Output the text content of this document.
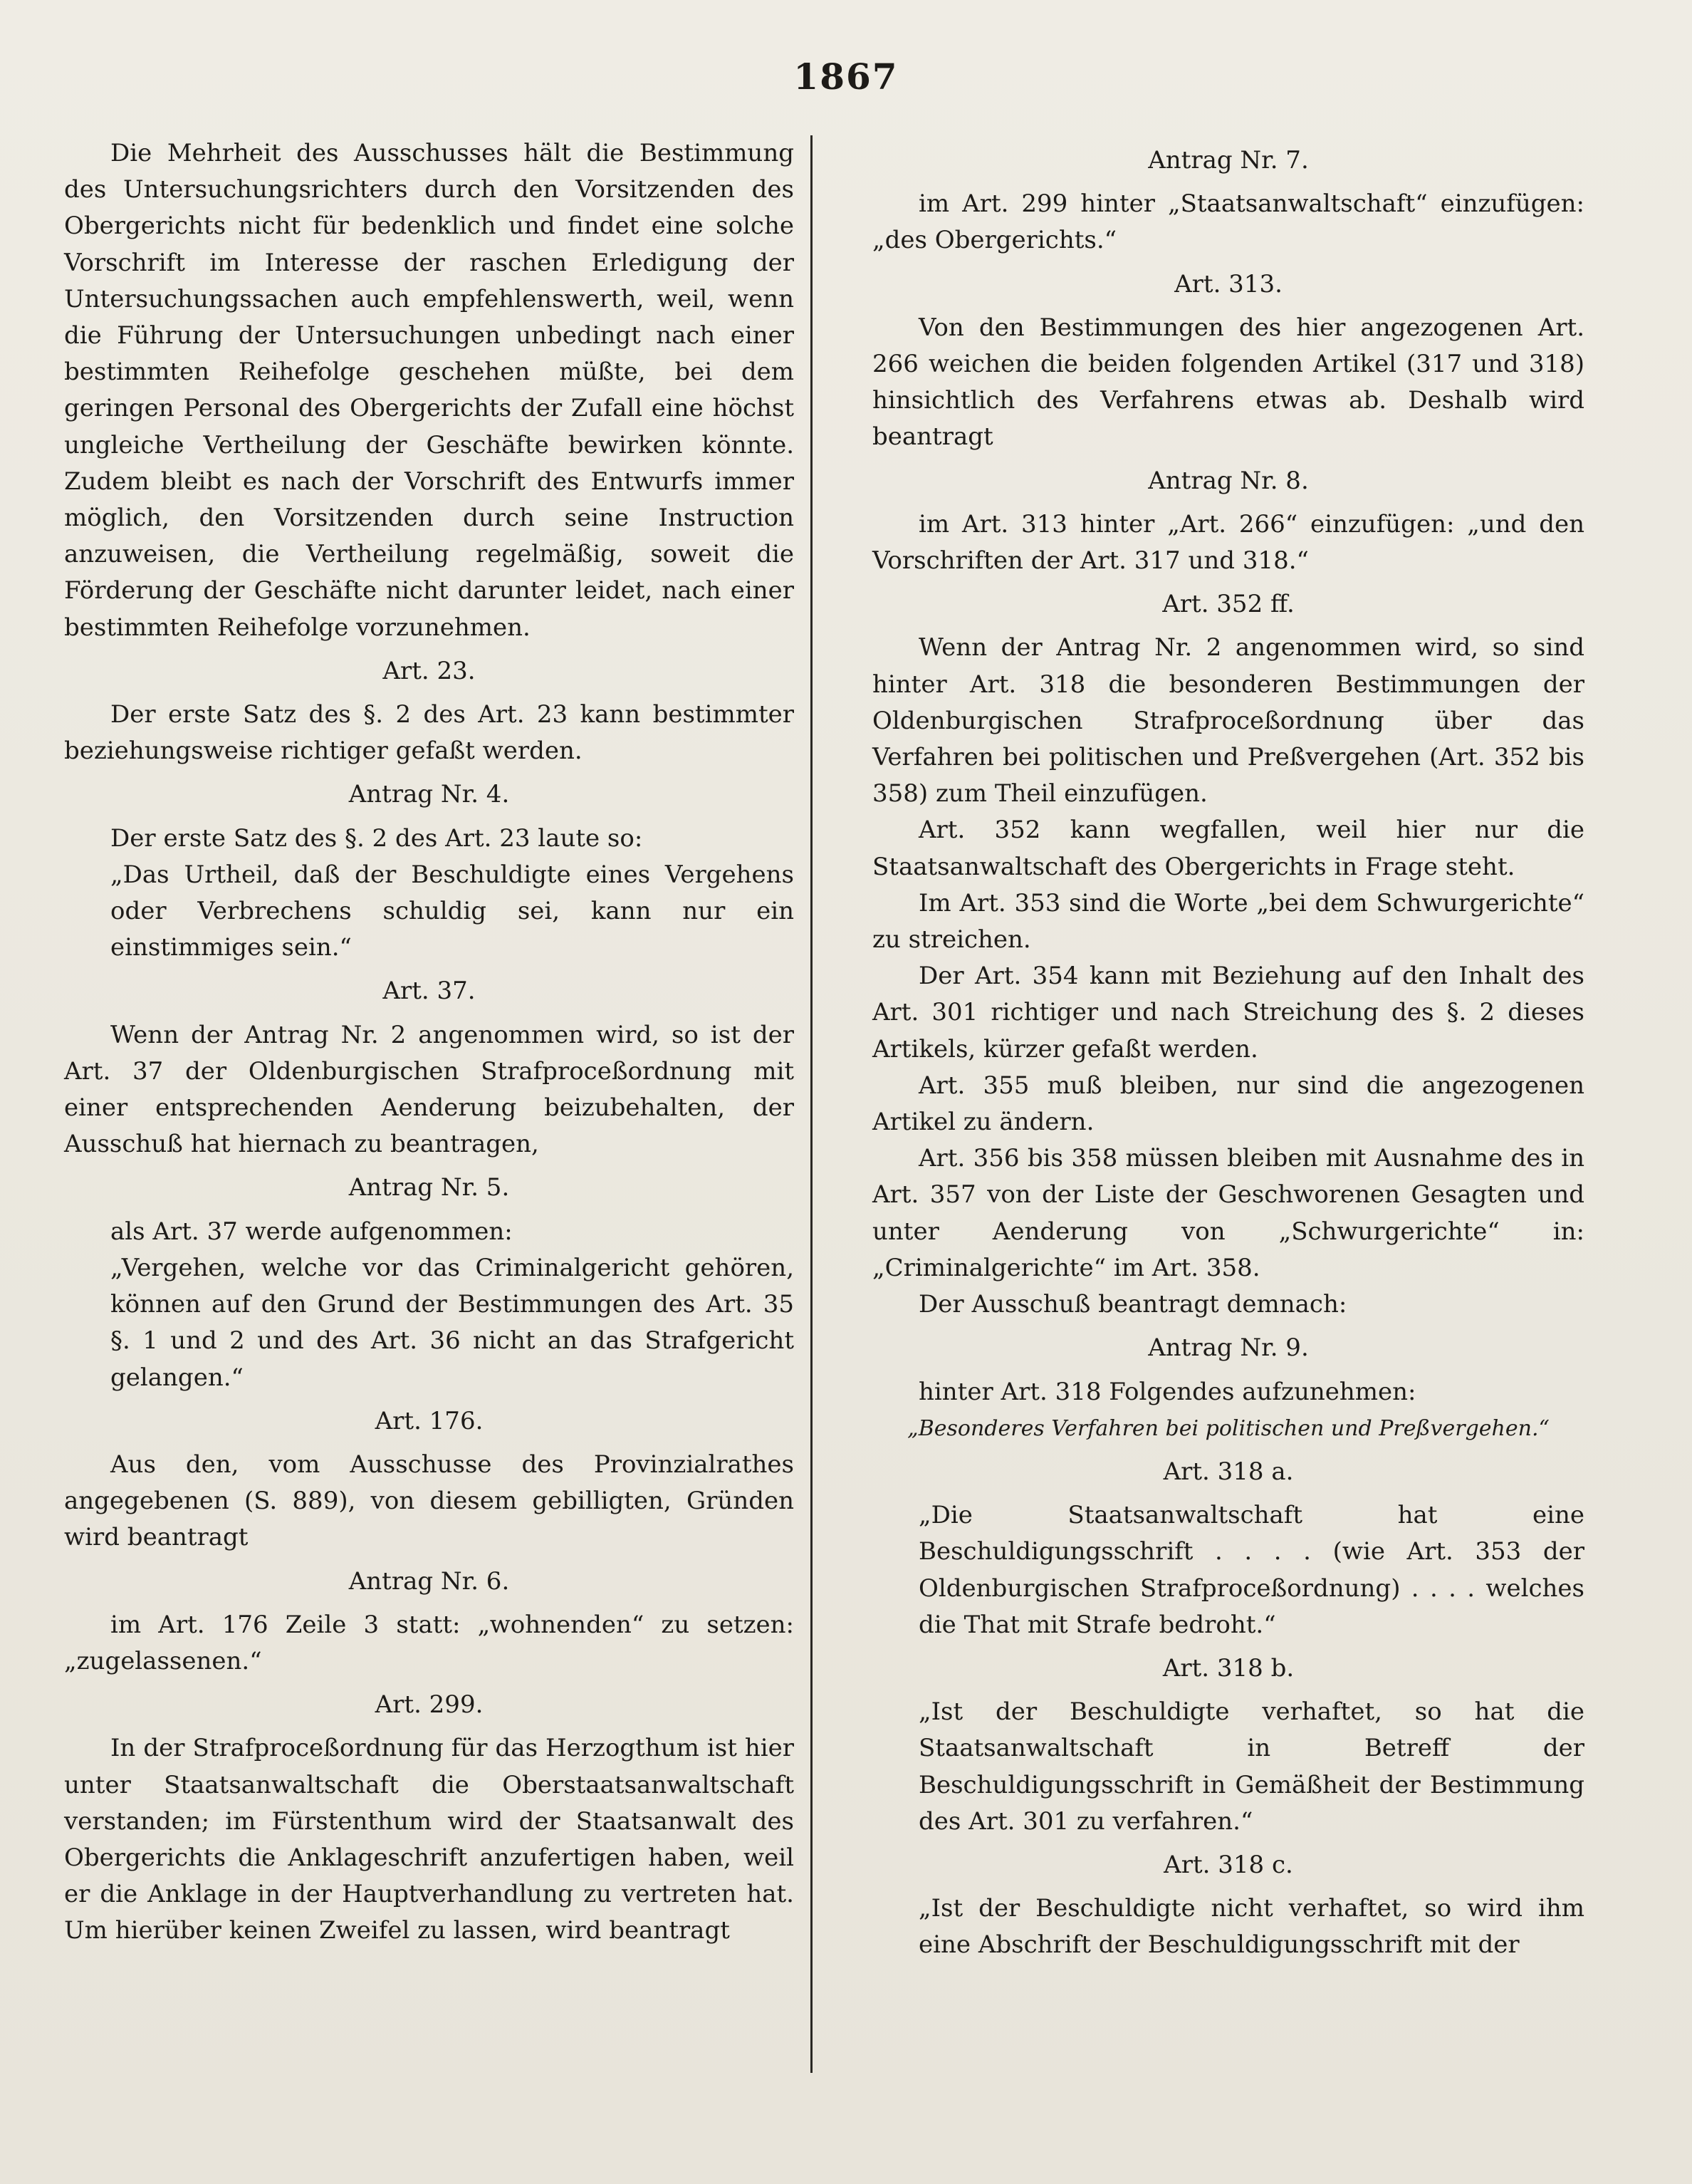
1867

Die Mehrheit des Ausschusses hält die Bestimmung des Untersuchungsrichters durch den Vorsitzenden des Obergerichts nicht für bedenklich und findet eine solche Vorschrift im Interesse der raschen Erledigung der Untersuchungssachen auch empfehlenswerth, weil, wenn die Führung der Untersuchungen unbedingt nach einer bestimmten Reihefolge geschehen müßte, bei dem geringen Personal des Obergerichts der Zufall eine höchst ungleiche Vertheilung der Geschäfte bewirken könnte. Zudem bleibt es nach der Vorschrift des Entwurfs immer möglich, den Vorsitzenden durch seine Instruction anzuweisen, die Vertheilung regelmäßig, soweit die Förderung der Geschäfte nicht darunter leidet, nach einer bestimmten Reihefolge vorzunehmen.

Art. 23.

Der erste Satz des §. 2 des Art. 23 kann bestimmter beziehungsweise richtiger gefaßt werden.

Antrag Nr. 4.

Der erste Satz des §. 2 des Art. 23 laute so:

„Das Urtheil, daß der Beschuldigte eines Vergehens oder Verbrechens schuldig sei, kann nur ein einstimmiges sein.“

Art. 37.

Wenn der Antrag Nr. 2 angenommen wird, so ist der Art. 37 der Oldenburgischen Strafproceßordnung mit einer entsprechenden Aenderung beizubehalten, der Ausschuß hat hiernach zu beantragen,

Antrag Nr. 5.

als Art. 37 werde aufgenommen:

„Vergehen, welche vor das Criminalgericht gehören, können auf den Grund der Bestimmungen des Art. 35 §. 1 und 2 und des Art. 36 nicht an das Strafgericht gelangen.“

Art. 176.

Aus den, vom Ausschusse des Provinzialrathes angegebenen (S. 889), von diesem gebilligten, Gründen wird beantragt

Antrag Nr. 6.

im Art. 176 Zeile 3 statt: „wohnenden“ zu setzen: „zugelassenen.“

Art. 299.

In der Strafproceßordnung für das Herzogthum ist hier unter Staatsanwaltschaft die Oberstaatsanwaltschaft verstanden; im Fürstenthum wird der Staatsanwalt des Obergerichts die Anklageschrift anzufertigen haben, weil er die Anklage in der Hauptverhandlung zu vertreten hat. Um hierüber keinen Zweifel zu lassen, wird beantragt

Antrag Nr. 7.

im Art. 299 hinter „Staatsanwaltschaft“ einzufügen: „des Obergerichts.“

Art. 313.

Von den Bestimmungen des hier angezogenen Art. 266 weichen die beiden folgenden Artikel (317 und 318) hinsichtlich des Verfahrens etwas ab. Deshalb wird beantragt

Antrag Nr. 8.

im Art. 313 hinter „Art. 266“ einzufügen: „und den Vorschriften der Art. 317 und 318.“

Art. 352 ff.

Wenn der Antrag Nr. 2 angenommen wird, so sind hinter Art. 318 die besonderen Bestimmungen der Oldenburgischen Strafproceßordnung über das Verfahren bei politischen und Preßvergehen (Art. 352 bis 358) zum Theil einzufügen.

Art. 352 kann wegfallen, weil hier nur die Staatsanwaltschaft des Obergerichts in Frage steht.

Im Art. 353 sind die Worte „bei dem Schwurgerichte“ zu streichen.

Der Art. 354 kann mit Beziehung auf den Inhalt des Art. 301 richtiger und nach Streichung des §. 2 dieses Artikels, kürzer gefaßt werden.

Art. 355 muß bleiben, nur sind die angezogenen Artikel zu ändern.

Art. 356 bis 358 müssen bleiben mit Ausnahme des in Art. 357 von der Liste der Geschworenen Gesagten und unter Aenderung von „Schwurgerichte“ in: „Criminalgerichte“ im Art. 358.

Der Ausschuß beantragt demnach:

Antrag Nr. 9.

hinter Art. 318 Folgendes aufzunehmen:

„Besonderes Verfahren bei politischen und Preßvergehen.“

Art. 318 a.

„Die Staatsanwaltschaft hat eine Beschuldigungsschrift . . . . (wie Art. 353 der Oldenburgischen Strafproceßordnung) . . . . welches die That mit Strafe bedroht.“

Art. 318 b.

„Ist der Beschuldigte verhaftet, so hat die Staatsanwaltschaft in Betreff der Beschuldigungsschrift in Gemäßheit der Bestimmung des Art. 301 zu verfahren.“

Art. 318 c.

„Ist der Beschuldigte nicht verhaftet, so wird ihm eine Abschrift der Beschuldigungsschrift mit der
